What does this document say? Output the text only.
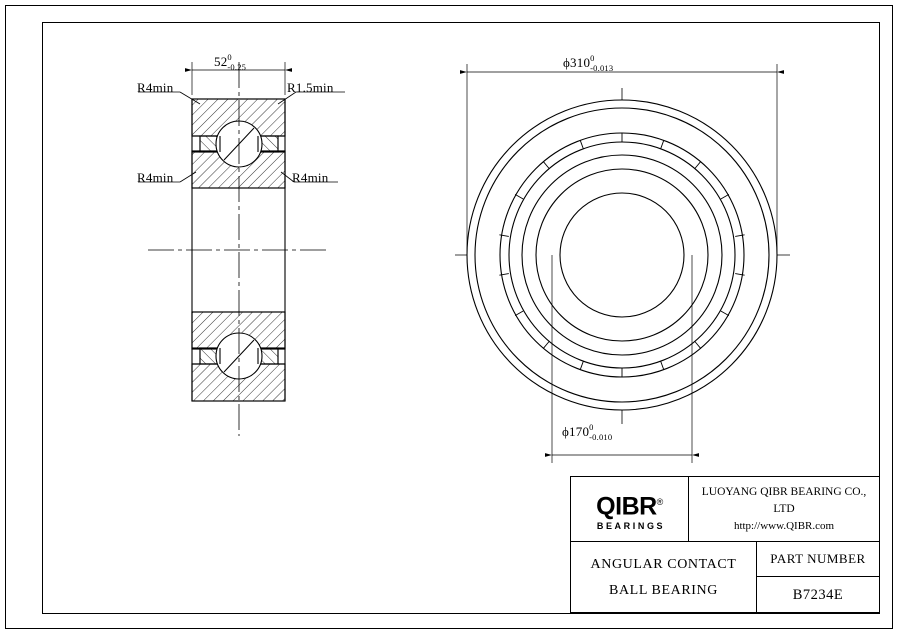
52 0
-0.25
R4min	R1.5min
R4min	R4min
ϕ310 0
-0.013
ϕ170 0
-0.010
QIBR®
BEARINGS
LUOYANG QIBR BEARING CO., LTD
http://www.QIBR.com
ANGULAR CONTACT
BALL BEARING
PART NUMBER
B7234E
